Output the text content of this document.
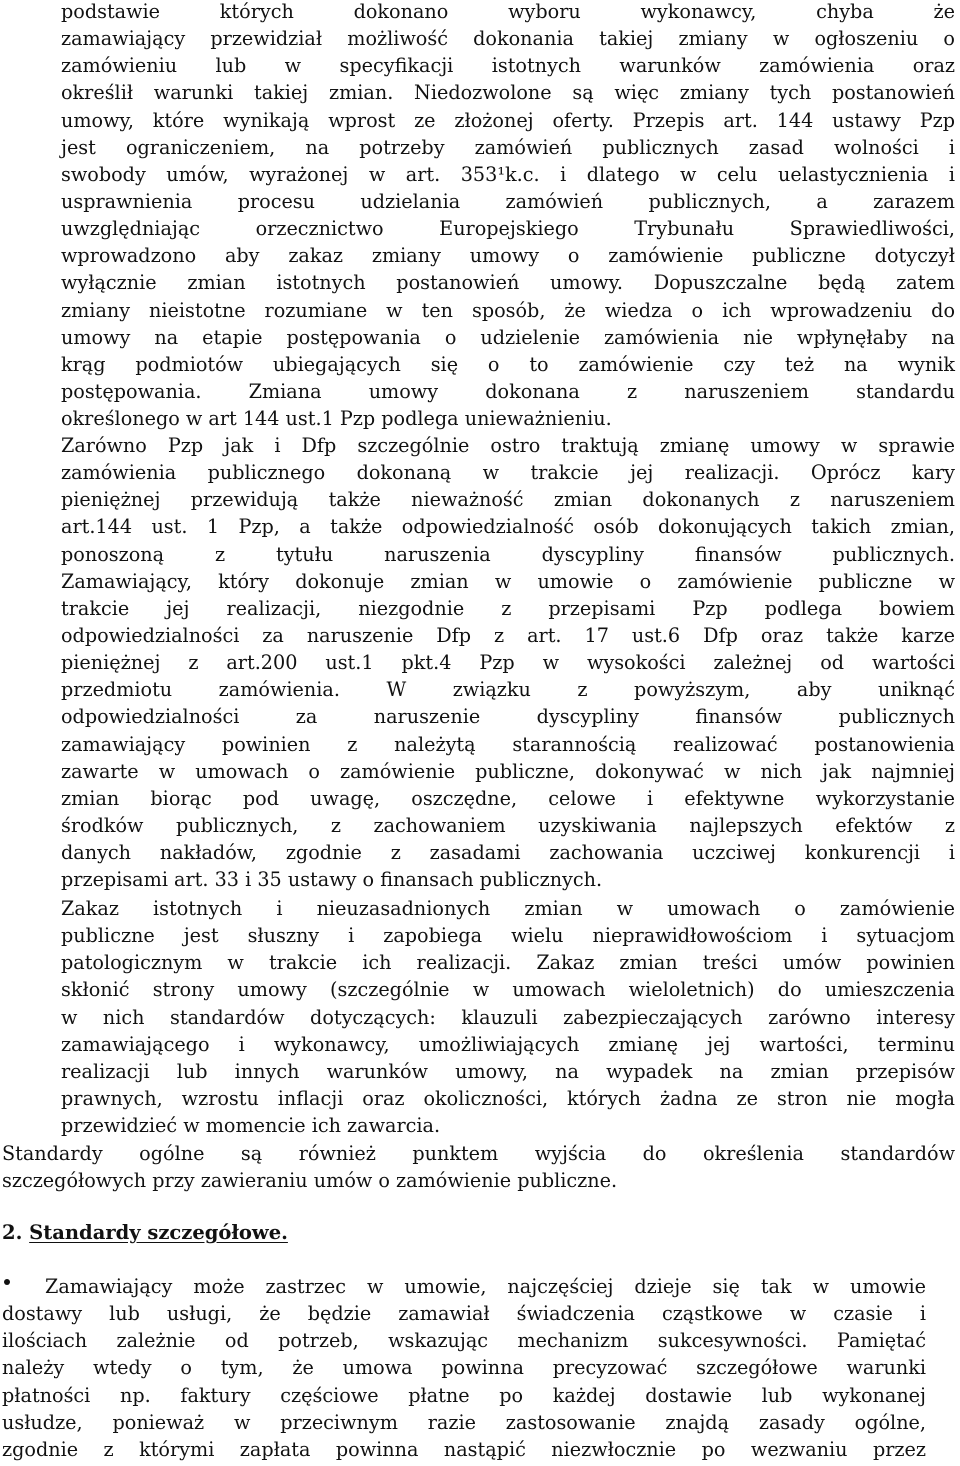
podstawie których dokonano wyboru wykonawcy, chyba że
zamawiający przewidział możliwość dokonania takiej zmiany w ogłoszeniu o
zamówieniu lub w specyfikacji istotnych warunków zamówienia oraz
określił warunki takiej zmian. Niedozwolone są więc zmiany tych postanowień
umowy, które wynikają wprost ze złożonej oferty. Przepis art. 144 ustawy Pzp
jest ograniczeniem, na potrzeby zamówień publicznych zasad wolności i
swobody umów, wyrażonej w art. 353¹k.c. i dlatego w celu uelastycznienia i
usprawnienia procesu udzielania zamówień publicznych, a zarazem
uwzględniając orzecznictwo Europejskiego Trybunału Sprawiedliwości,
wprowadzono aby zakaz zmiany umowy o zamówienie publiczne dotyczył
wyłącznie zmian istotnych postanowień umowy. Dopuszczalne będą zatem
zmiany nieistotne rozumiane w ten sposób, że wiedza o ich wprowadzeniu do
umowy na etapie postępowania o udzielenie zamówienia nie wpłynęłaby na
krąg podmiotów ubiegających się o to zamówienie czy też na wynik
postępowania. Zmiana umowy dokonana z naruszeniem standardu
określonego w art 144 ust.1 Pzp podlega unieważnieniu.
Zarówno Pzp jak i Dfp szczególnie ostro traktują zmianę umowy w sprawie
zamówienia publicznego dokonaną w trakcie jej realizacji. Oprócz kary
pieniężnej przewidują także nieważność zmian dokonanych z naruszeniem
art.144 ust. 1 Pzp, a także odpowiedzialność osób dokonujących takich zmian,
ponoszoną z tytułu naruszenia dyscypliny finansów publicznych.
Zamawiający, który dokonuje zmian w umowie o zamówienie publiczne w
trakcie jej realizacji, niezgodnie z przepisami Pzp podlega bowiem
odpowiedzialności za naruszenie Dfp z art. 17 ust.6 Dfp oraz także karze
pieniężnej z art.200 ust.1 pkt.4 Pzp w wysokości zależnej od wartości
przedmiotu zamówienia. W związku z powyższym, aby uniknąć
odpowiedzialności za naruszenie dyscypliny finansów publicznych
zamawiający powinien z należytą starannością realizować postanowienia
zawarte w umowach o zamówienie publiczne, dokonywać w nich jak najmniej
zmian biorąc pod uwagę, oszczędne, celowe i efektywne wykorzystanie
środków publicznych, z zachowaniem uzyskiwania najlepszych efektów z
danych nakładów, zgodnie z zasadami zachowania uczciwej konkurencji i
przepisami art. 33 i 35 ustawy o finansach publicznych.
Zakaz istotnych i nieuzasadnionych zmian w umowach o zamówienie
publiczne jest słuszny i zapobiega wielu nieprawidłowościom i sytuacjom
patologicznym w trakcie ich realizacji. Zakaz zmian treści umów powinien
skłonić strony umowy (szczególnie w umowach wieloletnich) do umieszczenia
w nich standardów dotyczących: klauzuli zabezpieczających zarówno interesy
zamawiającego i wykonawcy, umożliwiających zmianę jej wartości, terminu
realizacji lub innych warunków umowy, na wypadek na zmian przepisów
prawnych, wzrostu inflacji oraz okoliczności, których żadna ze stron nie mogła
przewidzieć w momencie ich zawarcia.
Standardy ogólne są również punktem wyjścia do określenia standardów
szczegółowych przy zawieraniu umów o zamówienie publiczne.
2. Standardy szczegółowe.
Zamawiający może zastrzec w umowie, najczęściej dzieje się tak w umowie
dostawy lub usługi, że będzie zamawiał świadczenia cząstkowe w czasie i
ilościach zależnie od potrzeb, wskazując mechanizm sukcesywności. Pamiętać
należy wtedy o tym, że umowa powinna precyzować szczegółowe warunki
płatności np. faktury częściowe płatne po każdej dostawie lub wykonanej
usłudze, ponieważ w przeciwnym razie zastosowanie znajdą zasady ogólne,
zgodnie z którymi zapłata powinna nastąpić niezwłocznie po wezwaniu przez
